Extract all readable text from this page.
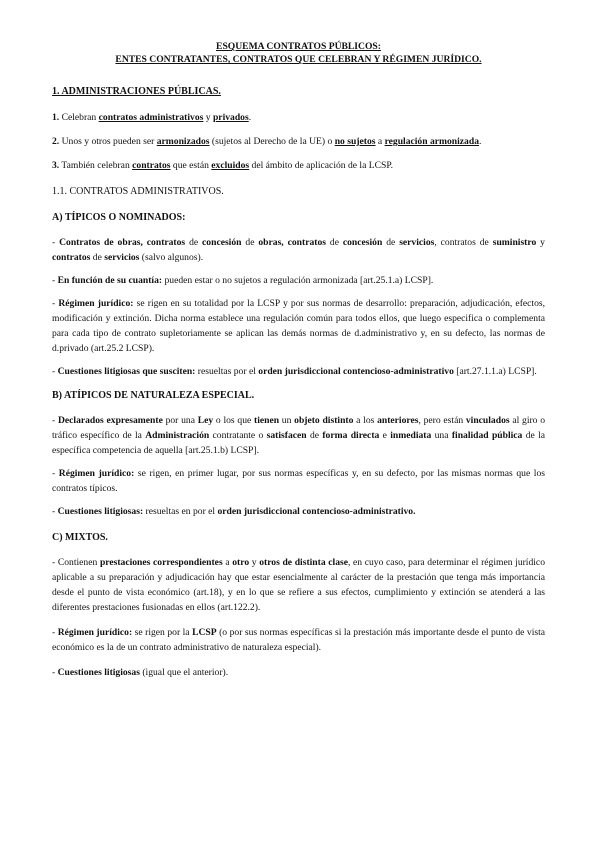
ESQUEMA CONTRATOS PÚBLICOS:

ENTES CONTRATANTES, CONTRATOS QUE CELEBRAN Y RÉGIMEN JURÍDICO.

1. ADMINISTRACIONES PÚBLICAS.

1. Celebran contratos administrativos y privados.

2. Unos y otros pueden ser armonizados (sujetos al Derecho de la UE) o no sujetos a regulación armonizada.

3. También celebran contratos que están excluidos del ámbito de aplicación de la LCSP.

1.1. CONTRATOS ADMINISTRATIVOS.
A) TÍPICOS O NOMINADOS:

- Contratos de obras, contratos de concesión de obras, contratos de concesión de servicios, contratos de suministro y contratos de servicios (salvo algunos).

- En función de su cuantía: pueden estar o no sujetos a regulación armonizada [art.25.1.a) LCSP].

- Régimen jurídico: se rigen en su totalidad por la LCSP y por sus normas de desarrollo: preparación, adjudicación, efectos, modificación y extinción. Dicha norma establece una regulación común para todos ellos, que luego especifica o complementa para cada tipo de contrato supletoriamente se aplican las demás normas de d.administrativo y, en su defecto, las normas de d.privado (art.25.2 LCSP).

- Cuestiones litigiosas que susciten: resueltas por el orden jurisdiccional contencioso-administrativo [art.27.1.1.a) LCSP].

B) ATÍPICOS DE NATURALEZA ESPECIAL.

- Declarados expresamente por una Ley o los que tienen un objeto distinto a los anteriores, pero están vinculados al giro o tráfico específico de la Administración contratante o satisfacen de forma directa e inmediata una finalidad pública de la específica competencia de aquella [art.25.1.b) LCSP].

- Régimen jurídico: se rigen, en primer lugar, por sus normas específicas y, en su defecto, por las mismas normas que los contratos típicos.

- Cuestiones litigiosas: resueltas en por el orden jurisdiccional contencioso-administrativo.

C) MIXTOS.

- Contienen prestaciones correspondientes a otro y otros de distinta clase, en cuyo caso, para determinar el régimen jurídico aplicable a su preparación y adjudicación hay que estar esencialmente al carácter de la prestación que tenga más importancia desde el punto de vista económico (art.18), y en lo que se refiere a sus efectos, cumplimiento y extinción se atenderá a las diferentes prestaciones fusionadas en ellos (art.122.2).

- Régimen jurídico: se rigen por la LCSP (o por sus normas específicas si la prestación más importante desde el punto de vista económico es la de un contrato administrativo de naturaleza especial).

- Cuestiones litigiosas (igual que el anterior).
